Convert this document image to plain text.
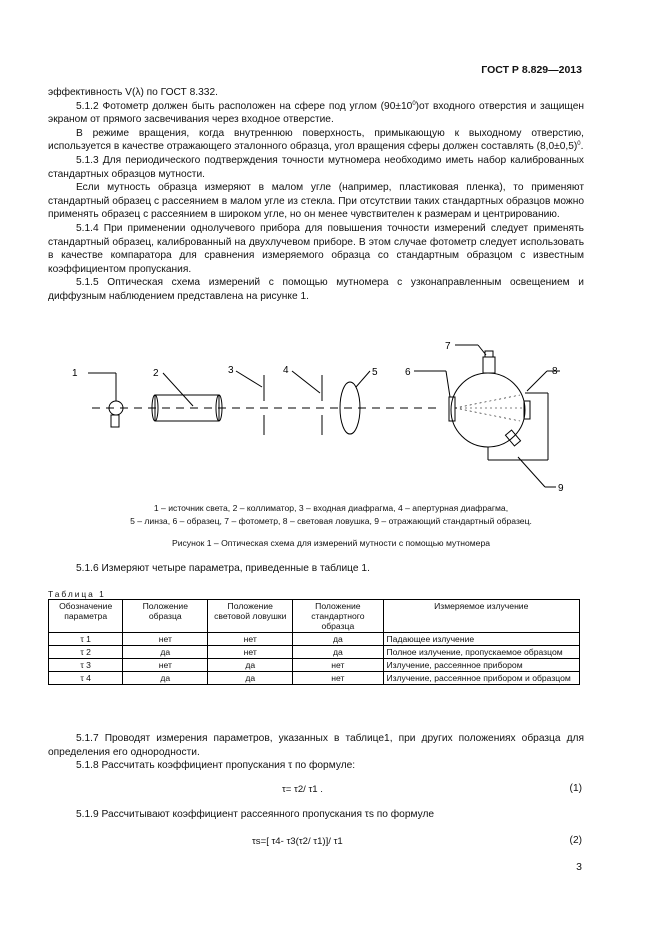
ГОСТ Р 8.829—2013

эффективность V(λ) по ГОСТ 8.332.

5.1.2 Фотометр должен быть расположен на сфере под углом $(90\pm 10^0)от$ входного отверстия и защищен экраном от прямого засвечивания через входное отверстие.

В режиме вращения, когда внутреннюю поверхность, примыкающую к выходному отверстию, используется в качестве отражающего эталонного образца, угол вращения сферы должен составлять $(8,0\pm 0,5)^0$.

5.1.3 Для периодического подтверждения точности мутномера необходимо иметь набор калиброванных стандартных образцов мутности.

Если мутность образца измеряют в малом угле (например, пластиковая пленка), то применяют стандартный образец с рассеянием в малом угле из стекла. При отсутствии таких стандартных образцов можно применять образец с рассеянием в широком угле, но он менее чувствителен к размерам и центрированию.

5.1.4 При применении однолучевого прибора для повышения точности измерений следует применять стандартный образец, калиброванный на двухлучевом приборе. В этом случае фотометр следует использовать в качестве компаратора для сравнения измеряемого образца со стандартным образцом с известным коэффициентом пропускания.

5.1.5 Оптическая схема измерений с помощью мутномера с узконаправленным освещением и диффузным наблюдением представлена на рисунке 1.

1	2	3	4	5	6
7
8
9
1 – источник света, 2 – коллиматор, 3 – входная диафрагма, 4 – апертурная диафрагма,
5 – линза, 6 – образец, 7 – фотометр, 8 – световая ловушка, 9 – отражающий стандартный образец.
Рисунок 1 – Оптическая схема для измерений мутности с помощью мутномера

5.1.6 Измеряют четыре параметра, приведенные в таблице 1.

Таблица 1
Обозначение параметра	Положение образца	Положение световой ловушки	Положение стандартного образца	Измеряемое излучение
τ 1	нет	нет	да	Падающее излучение
τ 2	да	нет	да	Полное излучение, пропускаемое образцом
τ 3	нет	да	нет	Излучение, рассеянное прибором
τ 4	да	да	нет	Излучение, рассеянное прибором и образцом

5.1.7 Проводят измерения параметров, указанных в таблице1, при других положениях образца для определения его однородности.

5.1.8 Рассчитать коэффициент пропускания τ по формуле:

τ= τ2/ τ1 .	(1)

5.1.9 Рассчитывают коэффициент рассеянного пропускания τs по формуле

τs=[ τ4- τ3(τ2/ τ1)]/ τ1	(2)
3
